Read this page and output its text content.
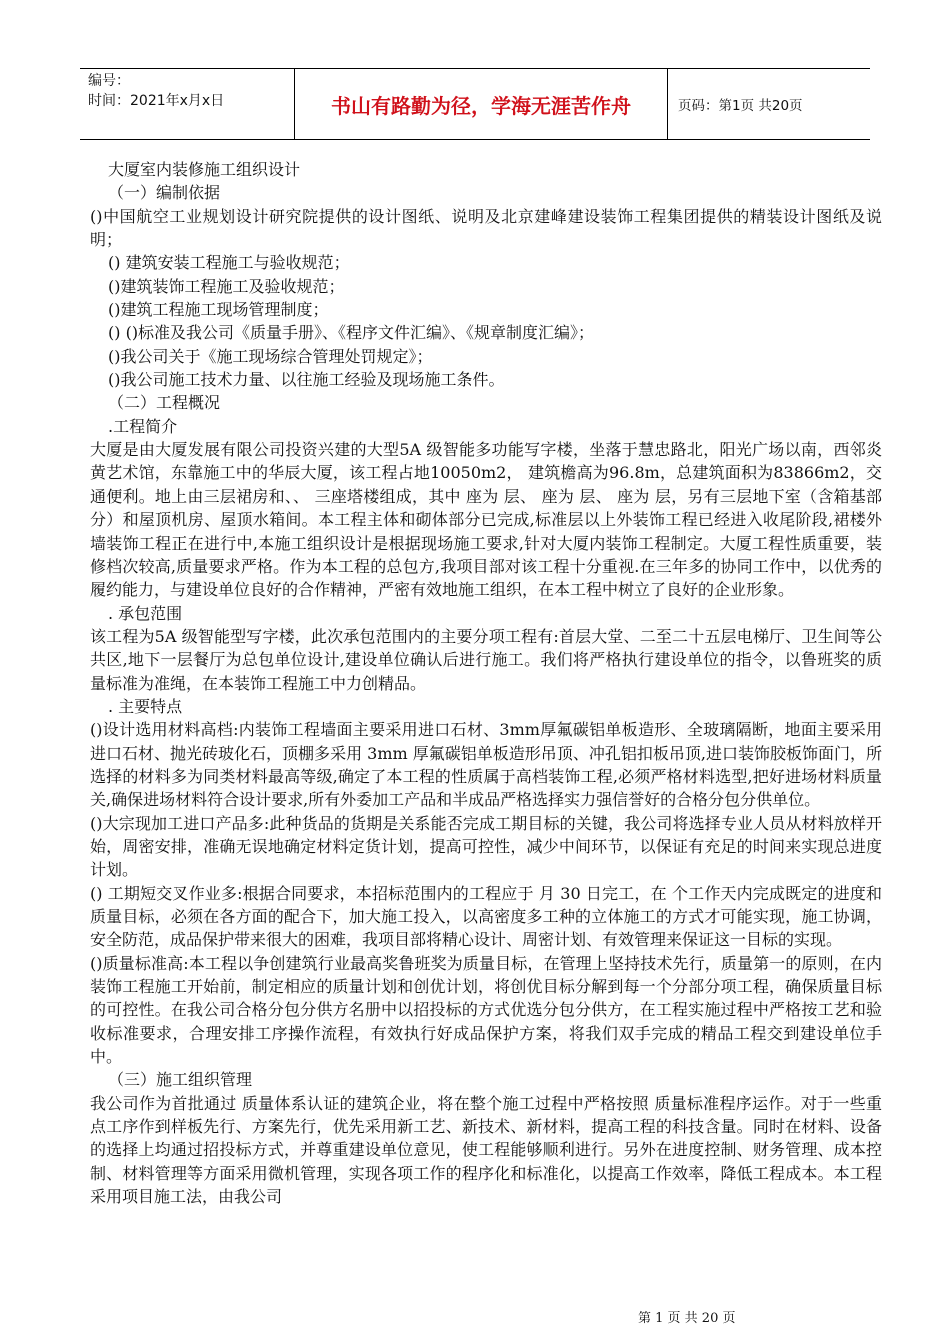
编号：
时间：2021年x月x日	书山有路勤为径，学海无涯苦作舟	页码：第1页 共20页

大厦室内装修施工组织设计

（一）编制依据

()中国航空工业规划设计研究院提供的设计图纸、说明及北京建峰建设装饰工程集团提供的精装设计图纸及说明；

() 建筑安装工程施工与验收规范；

()建筑装饰工程施工及验收规范；

()建筑工程施工现场管理制度；

() ()标准及我公司《质量手册》、《程序文件汇编》、《规章制度汇编》；

()我公司关于《施工现场综合管理处罚规定》；

()我公司施工技术力量、以往施工经验及现场施工条件。

（二）工程概况

.工程简介

大厦是由大厦发展有限公司投资兴建的大型5A 级智能多功能写字楼，坐落于慧忠路北，阳光广场以南，西邻炎黄艺术馆，东靠施工中的华辰大厦，该工程占地10050m2， 建筑檐高为96.8m，总建筑面积为83866m2，交通便利。地上由三层裙房和、、 三座塔楼组成，其中 座为 层、 座为 层、 座为 层，另有三层地下室（含箱基部分）和屋顶机房、屋顶水箱间。本工程主体和砌体部分已完成,标准层以上外装饰工程已经进入收尾阶段,裙楼外墙装饰工程正在进行中,本施工组织设计是根据现场施工要求,针对大厦内装饰工程制定。大厦工程性质重要，装修档次较高,质量要求严格。作为本工程的总包方,我项目部对该工程十分重视.在三年多的协同工作中，以优秀的履约能力，与建设单位良好的合作精神，严密有效地施工组织，在本工程中树立了良好的企业形象。

. 承包范围

该工程为5A 级智能型写字楼，此次承包范围内的主要分项工程有:首层大堂、二至二十五层电梯厅、卫生间等公共区,地下一层餐厅为总包单位设计,建设单位确认后进行施工。我们将严格执行建设单位的指令，以鲁班奖的质量标准为准绳，在本装饰工程施工中力创精品。

. 主要特点

()设计选用材料高档:内装饰工程墙面主要采用进口石材、3mm厚氟碳铝单板造形、全玻璃隔断，地面主要采用进口石材、抛光砖玻化石，顶棚多采用 3mm 厚氟碳铝单板造形吊顶、冲孔铝扣板吊顶,进口装饰胶板饰面门，所选择的材料多为同类材料最高等级,确定了本工程的性质属于高档装饰工程,必须严格材料选型,把好进场材料质量关,确保进场材料符合设计要求,所有外委加工产品和半成品严格选择实力强信誉好的合格分包分供单位。

()大宗现加工进口产品多:此种货品的货期是关系能否完成工期目标的关键，我公司将选择专业人员从材料放样开始，周密安排，准确无误地确定材料定货计划，提高可控性，减少中间环节，以保证有充足的时间来实现总进度计划。

() 工期短交叉作业多:根据合同要求，本招标范围内的工程应于 月 30 日完工，在 个工作天内完成既定的进度和质量目标，必须在各方面的配合下，加大施工投入，以高密度多工种的立体施工的方式才可能实现，施工协调，安全防范，成品保护带来很大的困难，我项目部将精心设计、周密计划、有效管理来保证这一目标的实现。

()质量标准高:本工程以争创建筑行业最高奖鲁班奖为质量目标，在管理上坚持技术先行，质量第一的原则，在内装饰工程施工开始前，制定相应的质量计划和创优计划，将创优目标分解到每一个分部分项工程，确保质量目标的可控性。在我公司合格分包分供方名册中以招投标的方式优选分包分供方，在工程实施过程中严格按工艺和验收标准要求，合理安排工序操作流程，有效执行好成品保护方案，将我们双手完成的精品工程交到建设单位手中。

（三）施工组织管理

我公司作为首批通过 质量体系认证的建筑企业，将在整个施工过程中严格按照 质量标准程序运作。对于一些重点工序作到样板先行、方案先行，优先采用新工艺、新技术、新材料，提高工程的科技含量。同时在材料、设备的选择上均通过招投标方式，并尊重建设单位意见，使工程能够顺利进行。另外在进度控制、财务管理、成本控制、材料管理等方面采用微机管理，实现各项工作的程序化和标准化，以提高工作效率，降低工程成本。本工程采用项目施工法，由我公司

第 1 页 共 20 页
